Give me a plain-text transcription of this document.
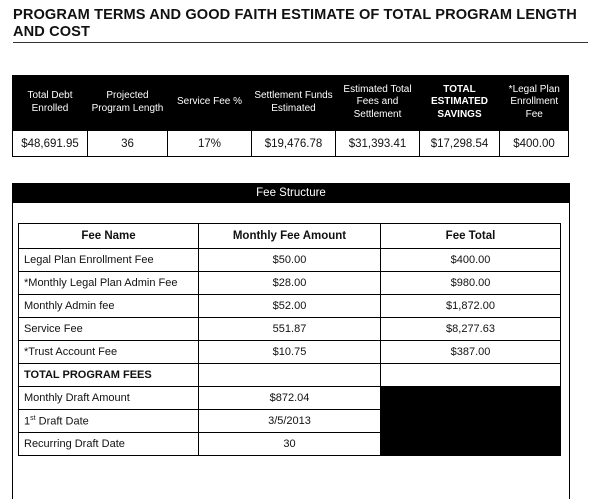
PROGRAM TERMS AND GOOD FAITH ESTIMATE OF TOTAL PROGRAM LENGTH AND COST
Total Debt Enrolled	Projected Program Length	Service Fee %	Settlement Funds Estimated	Estimated Total Fees and Settlement	TOTAL ESTIMATED SAVINGS	*Legal Plan Enrollment Fee
$48,691.95	36	17%	$19,476.78	$31,393.41	$17,298.54	$400.00
Fee Structure
Fee Name	Monthly Fee Amount	Fee Total
Legal Plan Enrollment Fee	$50.00	$400.00
*Monthly Legal Plan Admin Fee	$28.00	$980.00
Monthly Admin fee	$52.00	$1,872.00
Service Fee	551.87	$8,277.63
*Trust Account Fee	$10.75	$387.00
TOTAL PROGRAM FEES		
Monthly Draft Amount	$872.04	
1st Draft Date	3/5/2013	
Recurring Draft Date	30	
